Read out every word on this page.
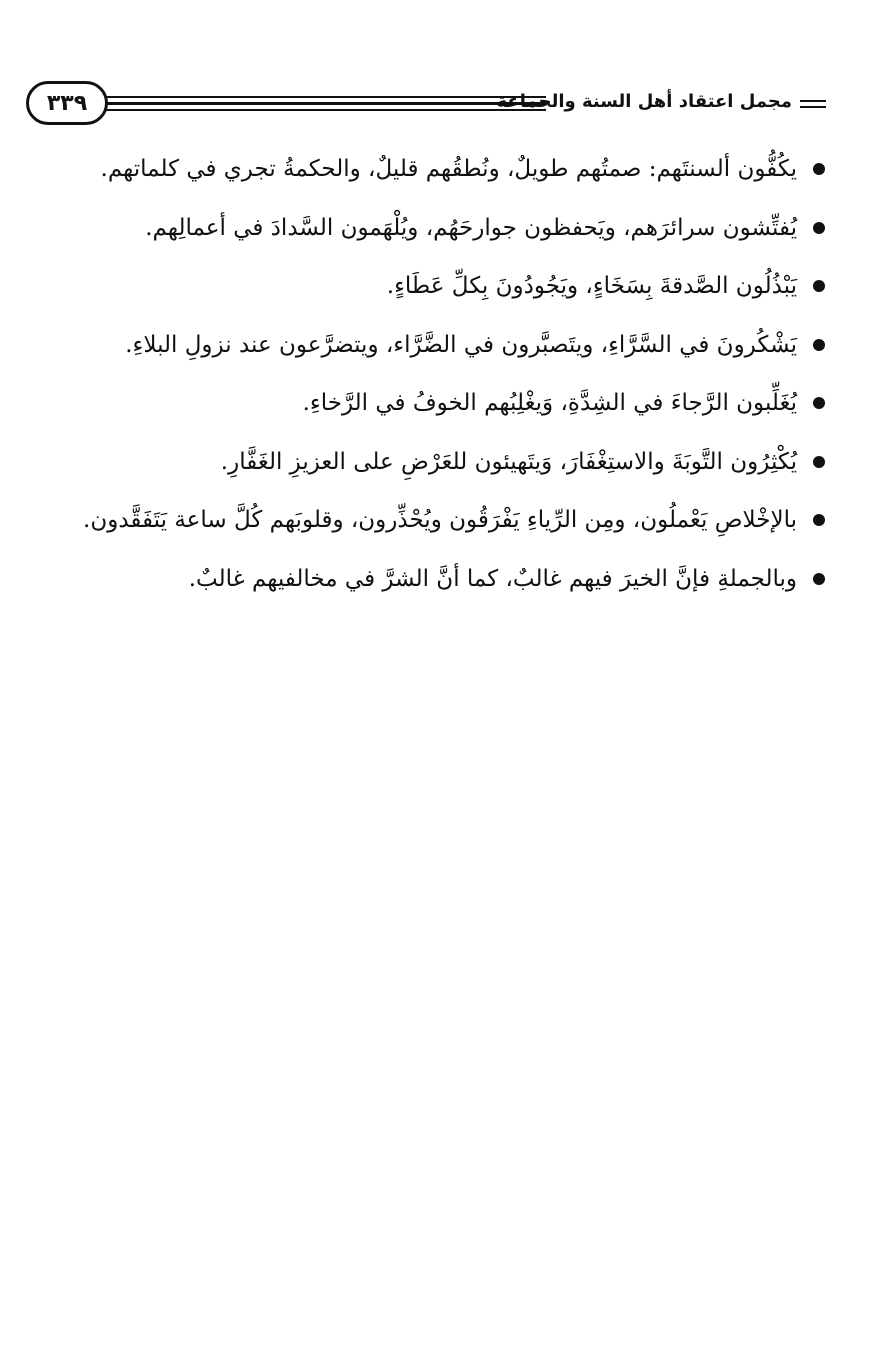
٣٣٩	مجمل اعتقاد أهل السنة والجماعة
يكُفُّون ألسنتَهم: صمتُهم طويلٌ، ونُطقُهم قليلٌ، والحكمةُ تجري في كلماتهم.
يُفتِّشون سرائرَهم، ويَحفظون جوارحَهُم، ويُلْهَمون السَّدادَ في أعمالِهم.
يَبْذُلُون الصَّدقةَ بِسَخَاءٍ، ويَجُودُونَ بِكلِّ عَطَاءٍ.
يَشْكُرونَ في السَّرَّاءِ، ويتَصبَّرون في الضَّرَّاء، ويتضرَّعون عند نزولِ البلاءِ.
يُغَلِّبون الرَّجاءَ في الشِدَّةِ، وَيغْلِبُهم الخوفُ في الرَّخاءِ.
يُكْثِرُون التَّوبَةَ والاستِغْفَارَ، وَيتَهيئون للعَرْضِ على العزيزِ الغَفَّارِ.
بالإخْلاصِ يَعْملُون، ومِن الرِّياءِ يَفْرَقُون ويُحْذِّرون، وقلوبَهم كُلَّ ساعة يَتَفَقَّدون.
وبالجملةِ فإنَّ الخيرَ فيهم غالبٌ، كما أنَّ الشرَّ في مخالفيهم غالبٌ.
